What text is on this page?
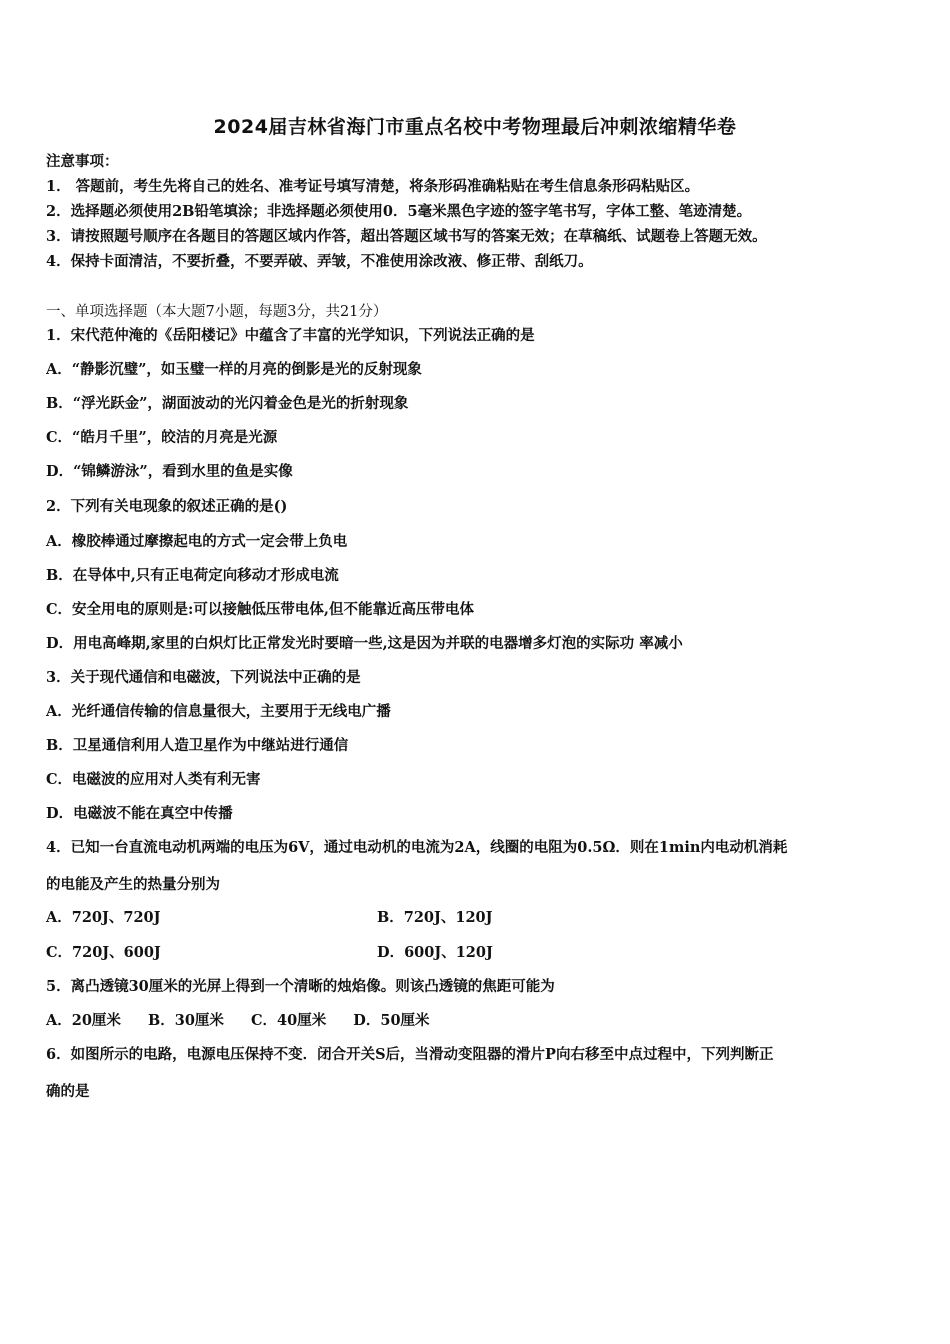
2024届吉林省海门市重点名校中考物理最后冲刺浓缩精华卷
注意事项：
1． 答题前，考生先将自己的姓名、准考证号填写清楚，将条形码准确粘贴在考生信息条形码粘贴区。
2．选择题必须使用2B铅笔填涂；非选择题必须使用0．5毫米黑色字迹的签字笔书写，字体工整、笔迹清楚。
3．请按照题号顺序在各题目的答题区域内作答，超出答题区域书写的答案无效；在草稿纸、试题卷上答题无效。
4．保持卡面清洁，不要折叠，不要弄破、弄皱，不准使用涂改液、修正带、刮纸刀。
一、单项选择题（本大题7小题，每题3分，共21分）
1．宋代范仲淹的《岳阳楼记》中蕴含了丰富的光学知识，下列说法正确的是
A．“静影沉璧”，如玉璧一样的月亮的倒影是光的反射现象
B．“浮光跃金”，湖面波动的光闪着金色是光的折射现象
C．“皓月千里”，皎洁的月亮是光源
D．“锦鳞游泳”，看到水里的鱼是实像
2．下列有关电现象的叙述正确的是()
A．橡胶棒通过摩擦起电的方式一定会带上负电
B．在导体中,只有正电荷定向移动才形成电流
C．安全用电的原则是:可以接触低压带电体,但不能靠近高压带电体
D．用电高峰期,家里的白炽灯比正常发光时要暗一些,这是因为并联的电器增多灯泡的实际功 率减小
3．关于现代通信和电磁波，下列说法中正确的是
A．光纤通信传输的信息量很大，主要用于无线电广播
B．卫星通信利用人造卫星作为中继站进行通信
C．电磁波的应用对人类有利无害
D．电磁波不能在真空中传播
4．已知一台直流电动机两端的电压为6V，通过电动机的电流为2A，线圈的电阻为0.5Ω．则在1min内电动机消耗
的电能及产生的热量分别为
A．720J、720J	B．720J、120J
C．720J、600J	D．600J、120J
5．离凸透镜30厘米的光屏上得到一个清晰的烛焰像。则该凸透镜的焦距可能为
A．20厘米 B．30厘米 C．40厘米 D．50厘米
6．如图所示的电路，电源电压保持不变．闭合开关S后，当滑动变阻器的滑片P向右移至中点过程中，下列判断正
确的是
